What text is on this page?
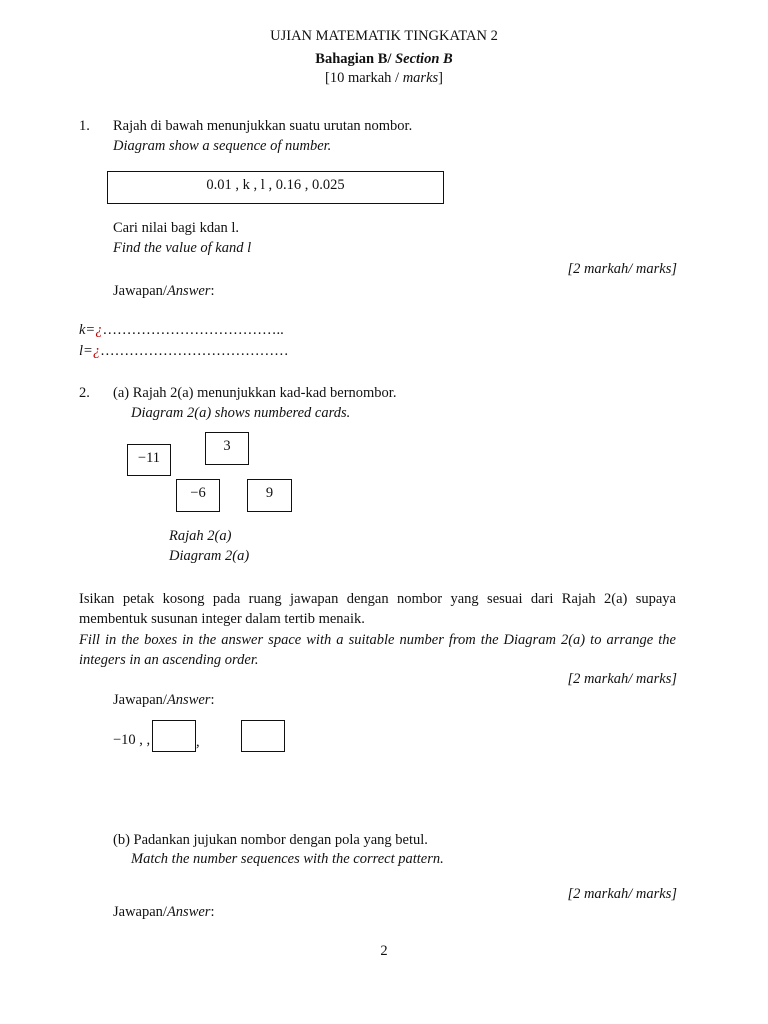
UJIAN MATEMATIK TINGKATAN 2
Bahagian B/ Section B
[10 markah / marks]
1. Rajah di bawah menunjukkan suatu urutan nombor.
Diagram show a sequence of number.
0.01 , k , l , 0.16 , 0.025
Cari nilai bagi kdan l.
Find the value of kand l
[2 markah/ marks]
Jawapan/Answer:
k=¿………………………………..
l=¿…………………………………
2. (a) Rajah 2(a) menunjukkan kad-kad bernombor.
Diagram 2(a) shows numbered cards.
−11
3
−6	9
Rajah 2(a)
Diagram 2(a)
Isikan petak kosong pada ruang jawapan dengan nombor yang sesuai dari Rajah 2(a) supaya membentuk susunan integer dalam tertib menaik.
Fill in the boxes in the answer space with a suitable number from the Diagram 2(a) to arrange the integers in an ascending order.
[2 markah/ marks]
Jawapan/Answer:
−10 , ,	,
(b) Padankan jujukan nombor dengan pola yang betul.
Match the number sequences with the correct pattern.
[2 markah/ marks]
Jawapan/Answer:
2
